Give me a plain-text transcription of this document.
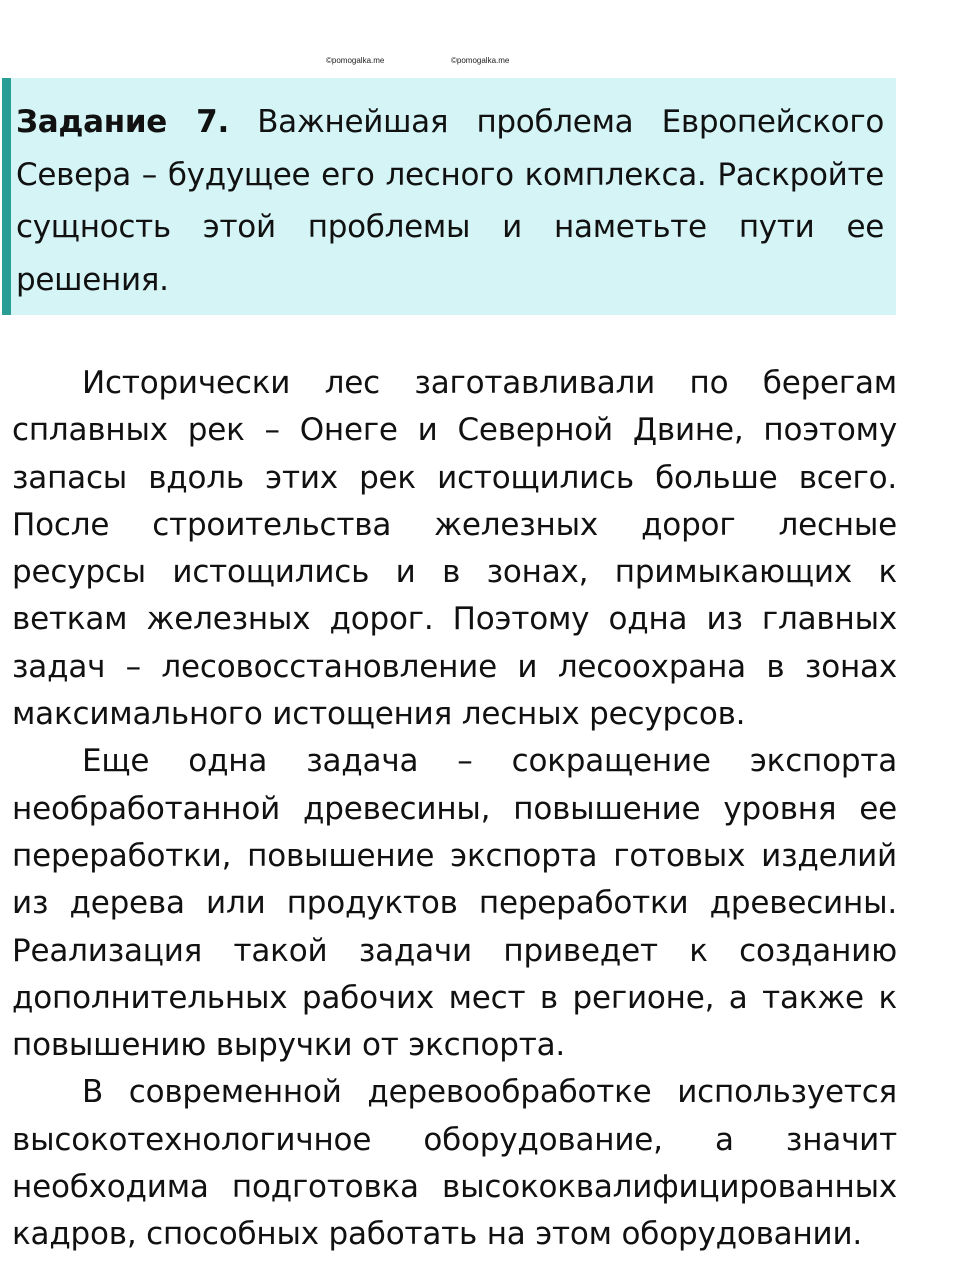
©pomogalka.me	©pomogalka.me
Задание 7. Важнейшая проблема Европейского Севера – будущее его лесного комплекса. Раскройте сущность этой проблемы и наметьте пути ее решения.

Исторически лес заготавливали по берегам сплавных рек – Онеге и Северной Двине, поэтому запасы вдоль этих рек истощились больше всего. После строительства железных дорог лесные ресурсы истощились и в зонах, примыкающих к веткам железных дорог. Поэтому одна из главных задач – лесовосстановление и лесоохрана в зонах максимального истощения лесных ресурсов.

Еще одна задача – сокращение экспорта необработанной древесины, повышение уровня ее переработки, повышение экспорта готовых изделий из дерева или продуктов переработки древесины. Реализация такой задачи приведет к созданию дополнительных рабочих мест в регионе, а также к повышению выручки от экспорта.

В современной деревообработке используется высокотехнологичное оборудование, а значит необходима подготовка высококвалифицированных кадров, способных работать на этом оборудовании.
